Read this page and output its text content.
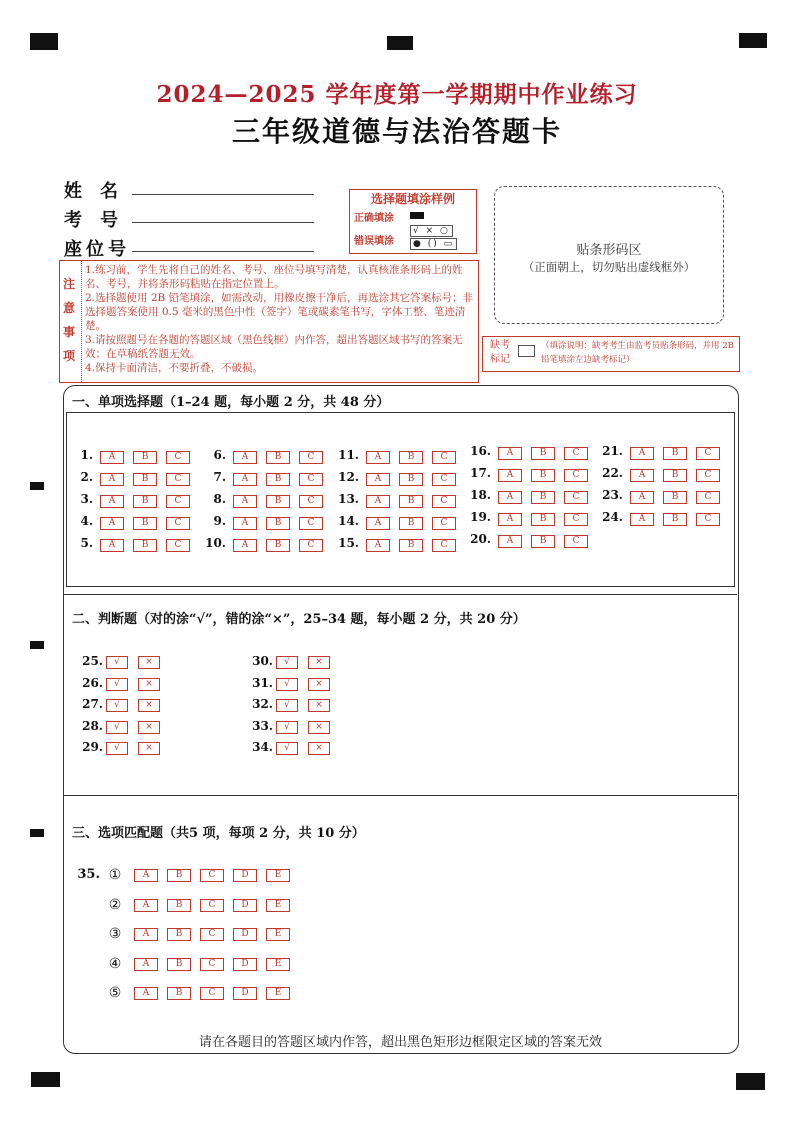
2024—2025 学年度第一学期期中作业练习
三年级道德与法治答题卡
姓名
考号
座位号
选择题填涂样例
正确填涂
错误填涂
√ × ○
● () ▭	贴条形码区
（正面朝上，切勿贴出虚线框外）
注
意
事
项
1.练习前，学生先将自己的姓名、考号、座位号填写清楚，认真核准条形码上的姓名、考号，并将条形码粘贴在指定位置上。
2.选择题使用 2B 铅笔填涂，如需改动，用橡皮擦干净后，再选涂其它答案标号；非选择题答案使用 0.5 毫米的黑色中性（签字）笔或碳素笔书写，字体工整、笔迹清楚。
3.请按照题号在各题的答题区域（黑色线框）内作答，超出答题区域书写的答案无效；在草稿纸答题无效。
4.保持卡面清洁，不要折叠，不破损。
缺考标记
（填涂说明：缺考考生由监考员贴条形码，并用 2B 铅笔填涂左边缺考标记）
一、单项选择题（1–24 题，每小题 2 分，共 48 分）
1.	A	B	C
2.	A	B	C
3.	A	B	C
4.	A	B	C
5.	A	B	C
6.	A	B	C
7.	A	B	C
8.	A	B	C
9.	A	B	C
10.	A	B	C
11.	A	B	C
12.	A	B	C
13.	A	B	C
14.	A	B	C
15.	A	B	C
16.	A	B	C
17.	A	B	C
18.	A	B	C
19.	A	B	C
20.	A	B	C
21.	A	B	C
22.	A	B	C
23.	A	B	C
24.	A	B	C
二、判断题（对的涂“√”，错的涂“×”，25–34 题，每小题 2 分，共 20 分）
25.	√	×
26.	√	×
27.	√	×
28.	√	×
29.	√	×
30.	√	×
31.	√	×
32.	√	×
33.	√	×
34.	√	×
三、选项匹配题（共5 项，每项 2 分，共 10 分）
35. ①	A	B	C	D	E
②	A	B	C	D	E
③	A	B	C	D	E
④	A	B	C	D	E
⑤	A	B	C	D	E
请在各题目的答题区域内作答，超出黑色矩形边框限定区域的答案无效
